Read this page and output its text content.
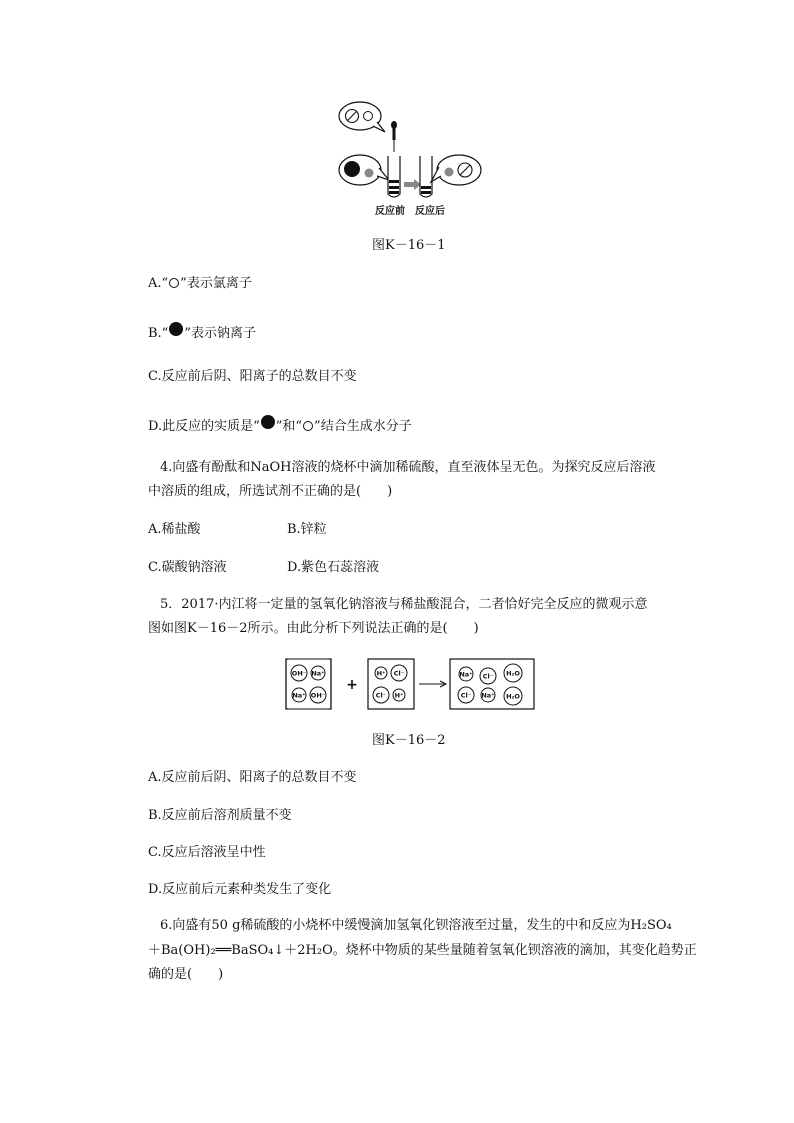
反应前 反应后
图K－16－1
A.“ ”表示氯离子
B.“ ”表示钠离子
C.反应前后阴、阳离子的总数目不变
D.此反应的实质是“ ”和“ ”结合生成水分子
4.向盛有酚酞和NaOH溶液的烧杯中滴加稀硫酸，直至液体呈无色。为探究反应后溶液
中溶质的组成，所选试剂不正确的是(　　)
A.稀盐酸	B.锌粒
C.碳酸钠溶液	D.紫色石蕊溶液
5．2017·内江将一定量的氢氧化钠溶液与稀盐酸混合，二者恰好完全反应的微观示意
图如图K－16－2所示。由此分析下列说法正确的是(　　)
OH⁻ Na⁺
Na⁺ OH⁻
+
H⁺ Cl⁻
Cl⁻ H⁺
Na⁺ Cl⁻ H₂O
Cl⁻ Na⁺ H₂O
图K－16－2
A.反应前后阴、阳离子的总数目不变
B.反应前后溶剂质量不变
C.反应后溶液呈中性
D.反应前后元素种类发生了变化
6.向盛有50 g稀硫酸的小烧杯中缓慢滴加氢氧化钡溶液至过量，发生的中和反应为H₂SO₄
＋Ba(OH)₂══BaSO₄↓＋2H₂O。烧杯中物质的某些量随着氢氧化钡溶液的滴加，其变化趋势正
确的是(　　)
